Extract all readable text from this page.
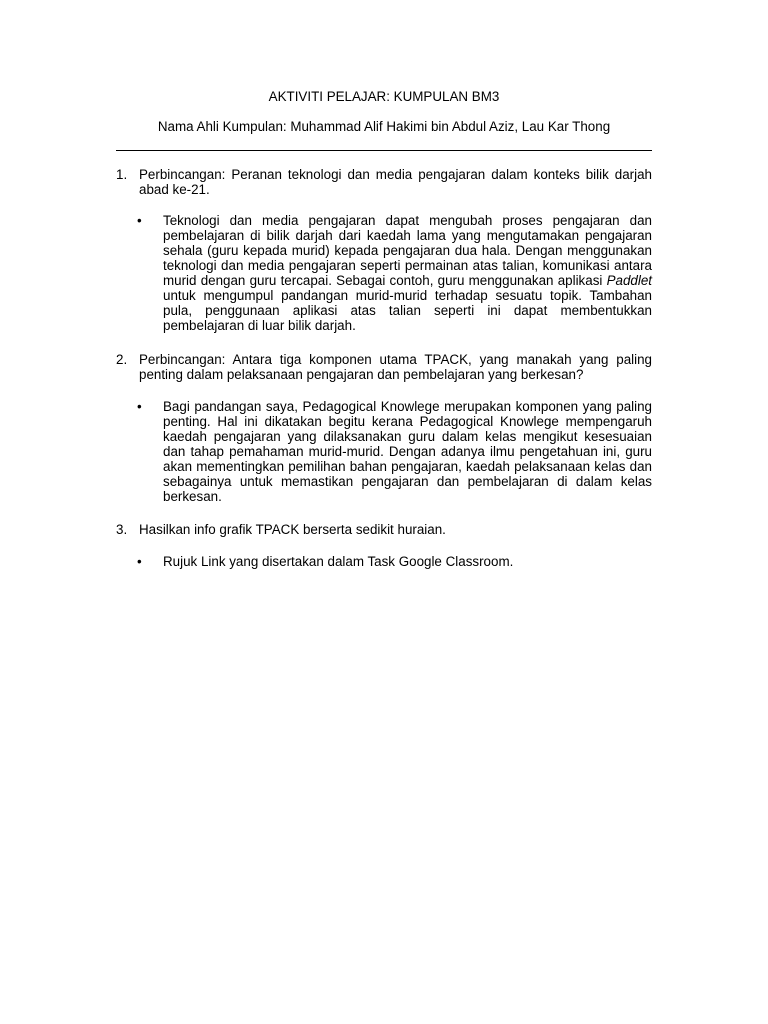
AKTIVITI PELAJAR: KUMPULAN BM3
Nama Ahli Kumpulan: Muhammad Alif Hakimi bin Abdul Aziz, Lau Kar Thong
1. Perbincangan: Peranan teknologi dan media pengajaran dalam konteks bilik darjah abad ke-21.
•	Teknologi dan media pengajaran dapat mengubah proses pengajaran dan pembelajaran di bilik darjah dari kaedah lama yang mengutamakan pengajaran sehala (guru kepada murid) kepada pengajaran dua hala. Dengan menggunakan teknologi dan media pengajaran seperti permainan atas talian, komunikasi antara murid dengan guru tercapai. Sebagai contoh, guru menggunakan aplikasi Paddlet untuk mengumpul pandangan murid-murid terhadap sesuatu topik. Tambahan pula, penggunaan aplikasi atas talian seperti ini dapat membentukkan pembelajaran di luar bilik darjah.
2. Perbincangan: Antara tiga komponen utama TPACK, yang manakah yang paling penting dalam pelaksanaan pengajaran dan pembelajaran yang berkesan?
•	Bagi pandangan saya, Pedagogical Knowlege merupakan komponen yang paling penting. Hal ini dikatakan begitu kerana Pedagogical Knowlege mempengaruh kaedah pengajaran yang dilaksanakan guru dalam kelas mengikut kesesuaian dan tahap pemahaman murid-murid. Dengan adanya ilmu pengetahuan ini, guru akan mementingkan pemilihan bahan pengajaran, kaedah pelaksanaan kelas dan sebagainya untuk memastikan pengajaran dan pembelajaran di dalam kelas berkesan.
3. Hasilkan info grafik TPACK berserta sedikit huraian.
•	Rujuk Link yang disertakan dalam Task Google Classroom.
